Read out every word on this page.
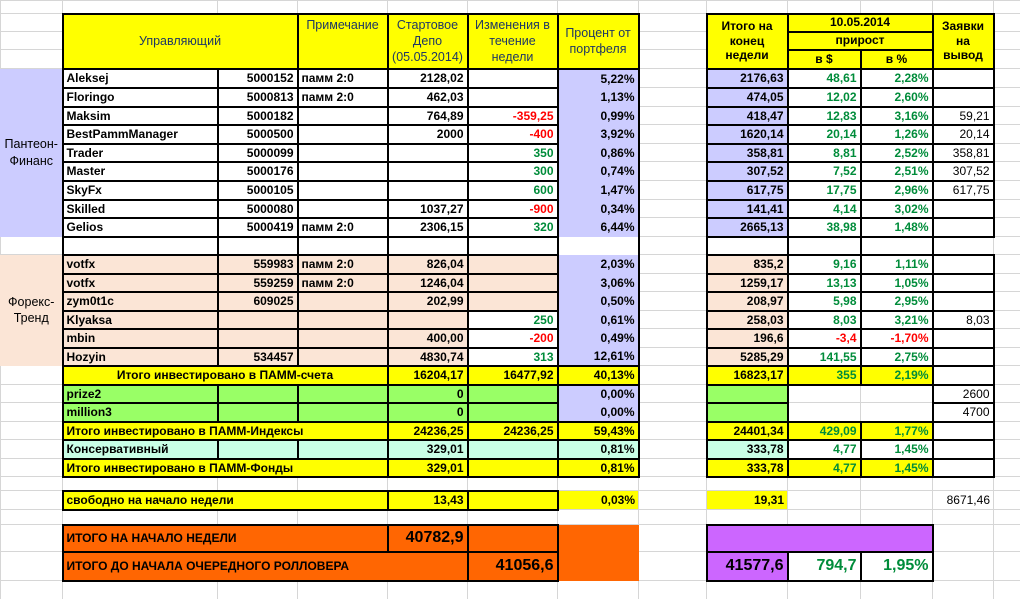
	Управляющий		Примечание	Стартовое Депо (05.05.2014)	Изменения в течение недели	Процент от портфеля		Итого на конец недели	10.05.2014		Заявки на вывод	
									прирост			
									в $	в %		
Пантеон-Финанс	Aleksej	5000152	памм 2:0	2128,02		5,22%		2176,63	48,61	2,28%		
	Floringo	5000813	памм 2:0	462,03		1,13%		474,05	12,02	2,60%		
	Maksim	5000182		764,89	-359,25	0,99%		418,47	12,83	3,16%	59,21	
	BestPammManager	5000500		2000	-400	3,92%		1620,14	20,14	1,26%	20,14	
	Trader	5000099			350	0,86%		358,81	8,81	2,52%	358,81	
	Master	5000176			300	0,74%		307,52	7,52	2,51%	307,52	
	SkyFx	5000105			600	1,47%		617,75	17,75	2,96%	617,75	
	Skilled	5000080		1037,27	-900	0,34%		141,41	4,14	3,02%		
	Gelios	5000419	памм 2:0	2306,15	320	6,44%		2665,13	38,98	1,48%		

Форекс-Тренд	votfx	559983	памм 2:0	826,04		2,03%		835,2	9,16	1,11%		
	votfx	559259	памм 2:0	1246,04		3,06%		1259,17	13,13	1,05%		
	zym0t1c	609025		202,99		0,50%		208,97	5,98	2,95%		
	Klyaksa				250	0,61%		258,03	8,03	3,21%	8,03	
	mbin			400,00	-200	0,49%		196,6	-3,4	-1,70%		
	Hozyin	534457		4830,74	313	12,61%		5285,29	141,55	2,75%		
	Итого инвестировано в ПАММ-счета			16204,17	16477,92	40,13%		16823,17	355	2,19%		
	prize2			0		0,00%					2600	
	million3			0		0,00%					4700	
	Итого инвестировано в ПАММ-Индексы			24236,25	24236,25	59,43%		24401,34	429,09	1,77%		
	Консервативный			329,01		0,81%		333,78	4,77	1,45%		
	Итого инвестировано в ПАММ-Фонды			329,01		0,81%		333,78	4,77	1,45%		

	свободно на начало недели			13,43		0,03%		19,31			8671,46	

	ИТОГО НА НАЧАЛО НЕДЕЛИ			40782,9								
	ИТОГО ДО НАЧАЛА ОЧЕРЕДНОГО РОЛЛОВЕРА				41056,6			41577,6	794,7	1,95%		
